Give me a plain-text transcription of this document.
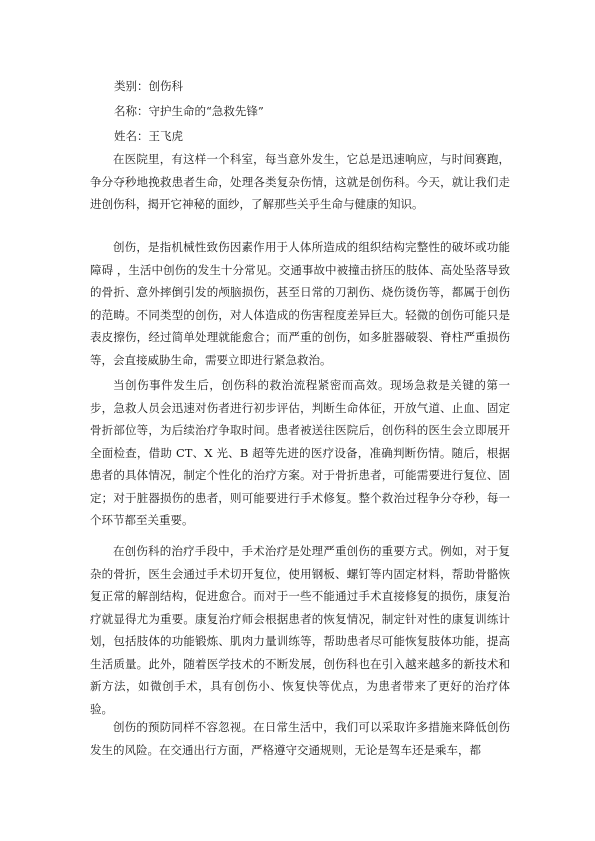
类别：创伤科
名称：守护生命的“急救先锋”
姓名：王飞虎

在医院里，有这样一个科室，每当意外发生，它总是迅速响应，与时间赛跑，争分夺秒地挽救患者生命，处理各类复杂伤情，这就是创伤科。今天，就让我们走进创伤科，揭开它神秘的面纱，了解那些关乎生命与健康的知识。

创伤，是指机械性致伤因素作用于人体所造成的组织结构完整性的破坏或功能障碍 ，生活中创伤的发生十分常见。交通事故中被撞击挤压的肢体、高处坠落导致的骨折、意外摔倒引发的颅脑损伤，甚至日常的刀割伤、烧伤烫伤等，都属于创伤的范畴。不同类型的创伤，对人体造成的伤害程度差异巨大。轻微的创伤可能只是表皮擦伤，经过简单处理就能愈合；而严重的创伤，如多脏器破裂、脊柱严重损伤等，会直接威胁生命，需要立即进行紧急救治。

当创伤事件发生后，创伤科的救治流程紧密而高效。现场急救是关键的第一步，急救人员会迅速对伤者进行初步评估，判断生命体征，开放气道、止血、固定骨折部位等，为后续治疗争取时间。患者被送往医院后，创伤科的医生会立即展开全面检查，借助 CT、X 光、B 超等先进的医疗设备，准确判断伤情。随后，根据患者的具体情况，制定个性化的治疗方案。对于骨折患者，可能需要进行复位、固定；对于脏器损伤的患者，则可能要进行手术修复。整个救治过程争分夺秒，每一个环节都至关重要。

在创伤科的治疗手段中，手术治疗是处理严重创伤的重要方式。例如，对于复杂的骨折，医生会通过手术切开复位，使用钢板、螺钉等内固定材料，帮助骨骼恢复正常的解剖结构，促进愈合。而对于一些不能通过手术直接修复的损伤，康复治疗就显得尤为重要。康复治疗师会根据患者的恢复情况，制定针对性的康复训练计划，包括肢体的功能锻炼、肌肉力量训练等，帮助患者尽可能恢复肢体功能，提高生活质量。此外，随着医学技术的不断发展，创伤科也在引入越来越多的新技术和新方法，如微创手术，具有创伤小、恢复快等优点，为患者带来了更好的治疗体验。

创伤的预防同样不容忽视。在日常生活中，我们可以采取许多措施来降低创伤发生的风险。在交通出行方面，严格遵守交通规则，无论是驾车还是乘车，都
